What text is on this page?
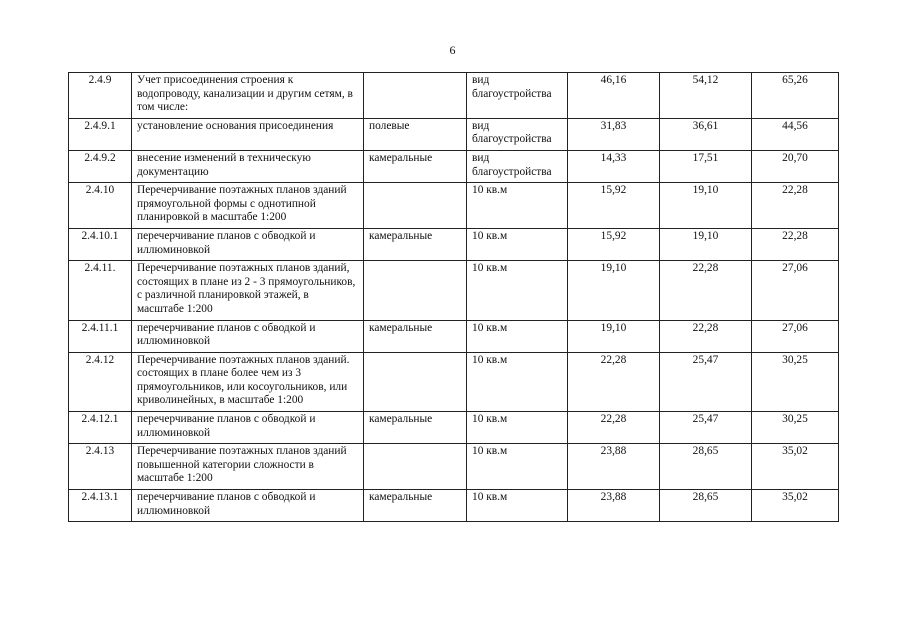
6
2.4.9	Учет присоединения строения к водопроводу, канализации и другим сетям, в том числе:		вид благоустройства	46,16	54,12	65,26
2.4.9.1	установление основания присоединения	полевые	вид благоустройства	31,83	36,61	44,56
2.4.9.2	внесение изменений в техническую документацию	камеральные	вид благоустройства	14,33	17,51	20,70
2.4.10	Перечерчивание поэтажных планов зданий прямоугольной формы с однотипной планировкой в масштабе 1:200		10 кв.м	15,92	19,10	22,28
2.4.10.1	перечерчивание планов с обводкой и иллюминовкой	камеральные	10 кв.м	15,92	19,10	22,28
2.4.11.	Перечерчивание поэтажных планов зданий, состоящих в плане из 2 - 3 прямоугольников, с различной планировкой этажей, в масштабе 1:200		10 кв.м	19,10	22,28	27,06
2.4.11.1	перечерчивание планов с обводкой и иллюминовкой	камеральные	10 кв.м	19,10	22,28	27,06
2.4.12	Перечерчивание поэтажных планов зданий. состоящих в плане более чем из 3 прямоугольников, или косоугольников, или криволинейных, в масштабе 1:200		10 кв.м	22,28	25,47	30,25
2.4.12.1	перечерчивание планов с обводкой и иллюминовкой	камеральные	10 кв.м	22,28	25,47	30,25
2.4.13	Перечерчивание поэтажных планов зданий повышенной категории сложности в масштабе 1:200		10 кв.м	23,88	28,65	35,02
2.4.13.1	перечерчивание планов с обводкой и иллюминовкой	камеральные	10 кв.м	23,88	28,65	35,02
